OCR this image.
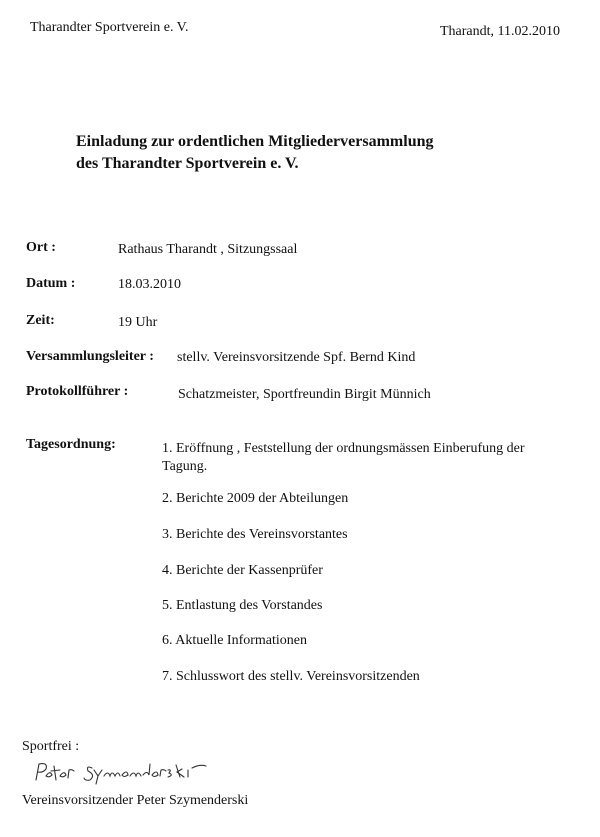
Tharandter Sportverein e. V.	Tharandt, 11.02.2010
Einladung zur ordentlichen Mitgliederversammlung
des Tharandter Sportverein e. V.
Ort :	Rathaus Tharandt , Sitzungssaal
Datum :	18.03.2010
Zeit:	19 Uhr
Versammlungsleiter : stellv. Vereinsvorsitzende Spf. Bernd Kind
Protokollführer :	Schatzmeister, Sportfreundin Birgit Münnich
Tagesordnung:	1. Eröffnung , Feststellung der ordnungsmässen Einberufung der Tagung.
2. Berichte 2009 der Abteilungen
3. Berichte des Vereinsvorstantes
4. Berichte der Kassenprüfer
5. Entlastung des Vorstandes
6. Aktuelle Informationen
7. Schlusswort des stellv. Vereinsvorsitzenden
Sportfrei :
Vereinsvorsitzender Peter Szymenderski
